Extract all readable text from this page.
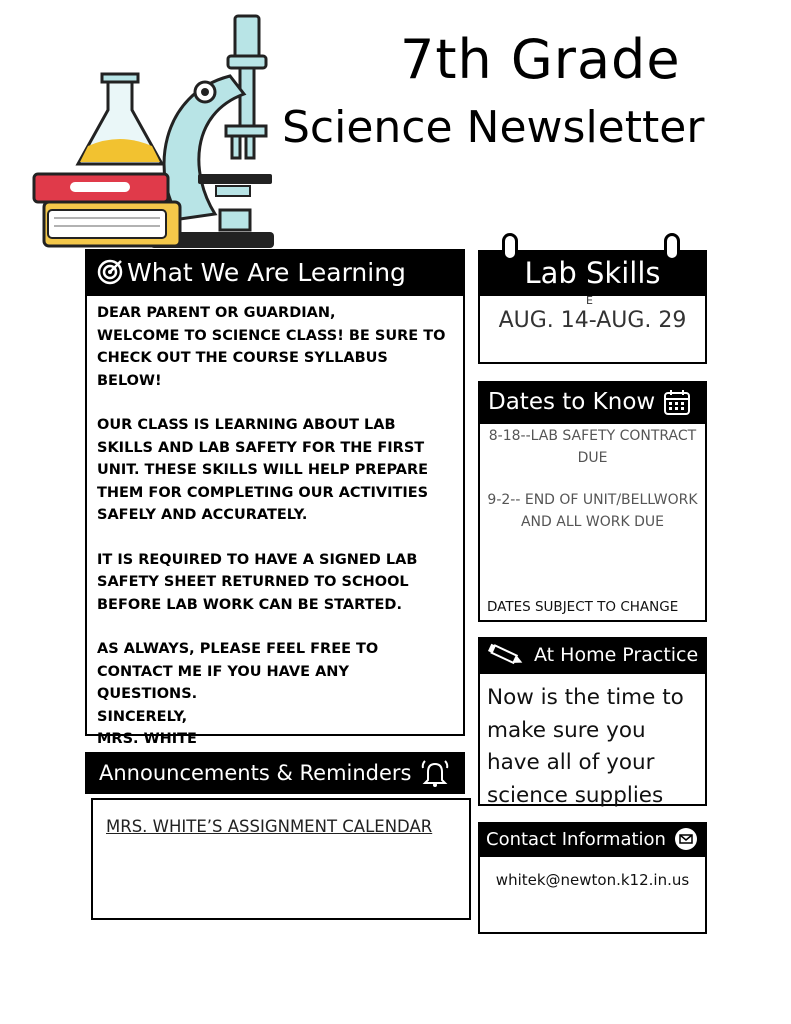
7th Grade
Science Newsletter
What We Are Learning

DEAR PARENT OR GUARDIAN,
WELCOME TO SCIENCE CLASS! BE SURE TO CHECK OUT THE COURSE SYLLABUS BELOW!

OUR CLASS IS LEARNING ABOUT LAB SKILLS AND LAB SAFETY FOR THE FIRST UNIT. THESE SKILLS WILL HELP PREPARE THEM FOR COMPLETING OUR ACTIVITIES SAFELY AND ACCURATELY.

IT IS REQUIRED TO HAVE A SIGNED LAB SAFETY SHEET RETURNED TO SCHOOL BEFORE LAB WORK CAN BE STARTED.

AS ALWAYS, PLEASE FEEL FREE TO CONTACT ME IF YOU HAVE ANY QUESTIONS.
SINCERELY,
MRS. WHITE

Announcements & Reminders
MRS. WHITE’S ASSIGNMENT CALENDAR
Lab Skills
E
AUG. 14-AUG. 29
Dates to Know
8-18--LAB SAFETY CONTRACT DUE
9-2-- END OF UNIT/BELLWORK AND ALL WORK DUE
DATES SUBJECT TO CHANGE
At Home Practice
Now is the time to make sure you have all of your science supplies
Contact Information
whitek@newton.k12.in.us
